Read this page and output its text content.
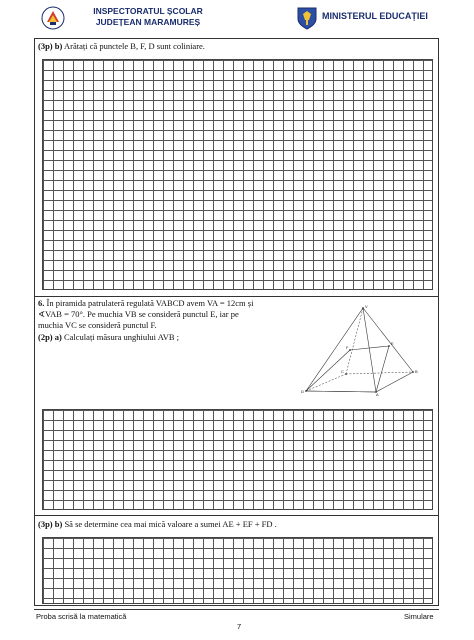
INSPECTORATUL ȘCOLAR
JUDEȚEAN MARAMUREȘ
MINISTERUL EDUCAȚIEI
(3p) b) Arătați că punctele B, F, D sunt coliniare.
6. În piramida patrulateră regulată VABCD avem VA = 12cm și
∢VAB = 70°. Pe muchia VB se consideră punctul E, iar pe
muchia VC se consideră punctul F.
(2p) a) Calculați măsura unghiului AVB ;
V
F
E
C	B
D
A
(3p) b) Să se determine cea mai mică valoare a sumei AE + EF + FD .
Proba scrisă la matematică	Simulare
7
